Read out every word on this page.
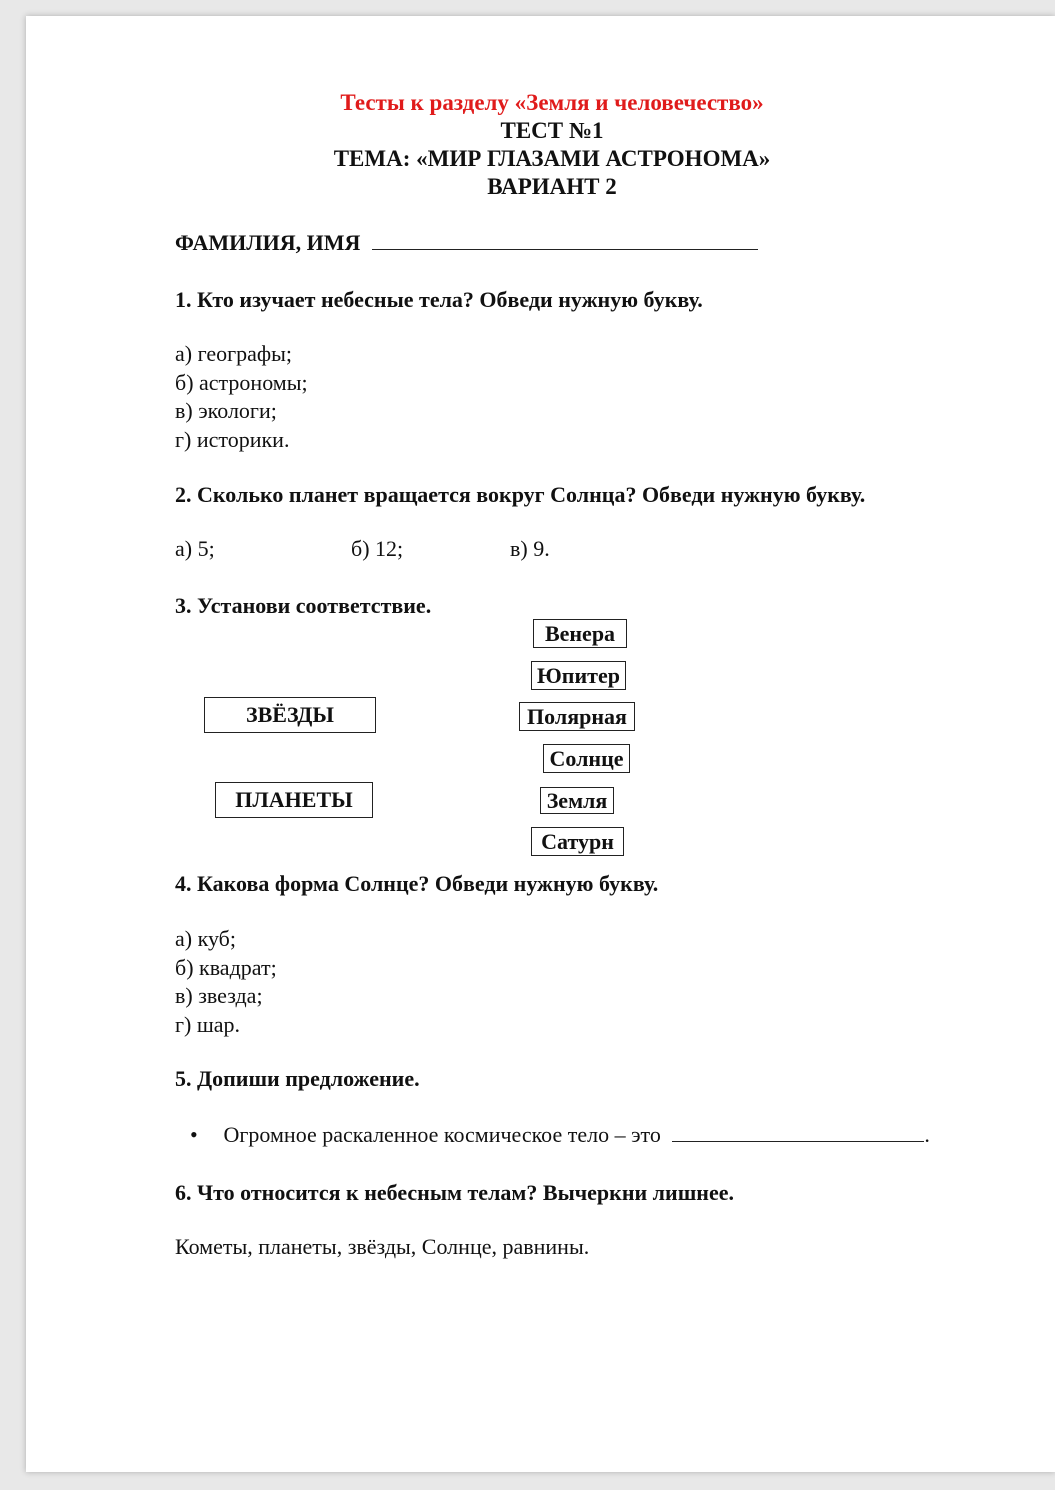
Тесты к разделу «Земля и человечество»
ТЕСТ №1
ТЕМА: «МИР ГЛАЗАМИ АСТРОНОМА»
ВАРИАНТ 2
ФАМИЛИЯ, ИМЯ
1. Кто изучает небесные тела? Обведи нужную букву.
а) географы;
б) астрономы;
в) экологи;
г) историки.
2. Сколько планет вращается вокруг Солнца? Обведи нужную букву.
а) 5;	б) 12;	в) 9.
3. Установи соответствие.
ЗВЁЗДЫ
ПЛАНЕТЫ
Венера
Юпитер
Полярная
Солнце
Земля
Сатурн
4. Какова форма Солнце? Обведи нужную букву.
а) куб;
б) квадрат;
в) звезда;
г) шар.
5. Допиши предложение.
• Огромное раскаленное космическое тело – это	.
6. Что относится к небесным телам? Вычеркни лишнее.
Кометы, планеты, звёзды, Солнце, равнины.
